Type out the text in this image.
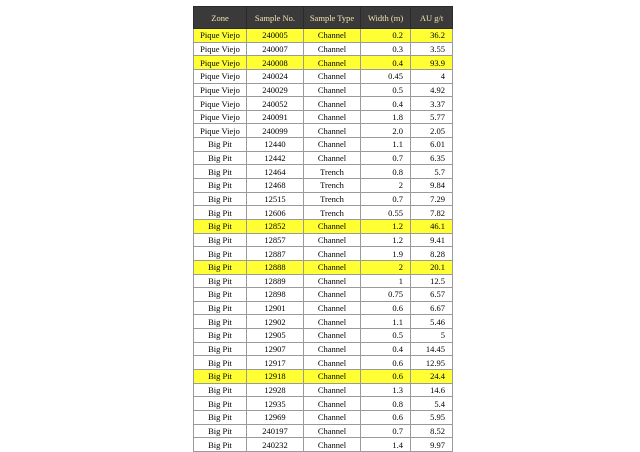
Zone	Sample No.	Sample Type	Width (m)	AU g/t
Pique Viejo	240005	Channel	0.2	36.2
Pique Viejo	240007	Channel	0.3	3.55
Pique Viejo	240008	Channel	0.4	93.9
Pique Viejo	240024	Channel	0.45	4
Pique Viejo	240029	Channel	0.5	4.92
Pique Viejo	240052	Channel	0.4	3.37
Pique Viejo	240091	Channel	1.8	5.77
Pique Viejo	240099	Channel	2.0	2.05
Big Pit	12440	Channel	1.1	6.01
Big Pit	12442	Channel	0.7	6.35
Big Pit	12464	Trench	0.8	5.7
Big Pit	12468	Trench	2	9.84
Big Pit	12515	Trench	0.7	7.29
Big Pit	12606	Trench	0.55	7.82
Big Pit	12852	Channel	1.2	46.1
Big Pit	12857	Channel	1.2	9.41
Big Pit	12887	Channel	1.9	8.28
Big Pit	12888	Channel	2	20.1
Big Pit	12889	Channel	1	12.5
Big Pit	12898	Channel	0.75	6.57
Big Pit	12901	Channel	0.6	6.67
Big Pit	12902	Channel	1.1	5.46
Big Pit	12905	Channel	0.5	5
Big Pit	12907	Channel	0.4	14.45
Big Pit	12917	Channel	0.6	12.95
Big Pit	12918	Channel	0.6	24.4
Big Pit	12928	Channel	1.3	14.6
Big Pit	12935	Channel	0.8	5.4
Big Pit	12969	Channel	0.6	5.95
Big Pit	240197	Channel	0.7	8.52
Big Pit	240232	Channel	1.4	9.97
